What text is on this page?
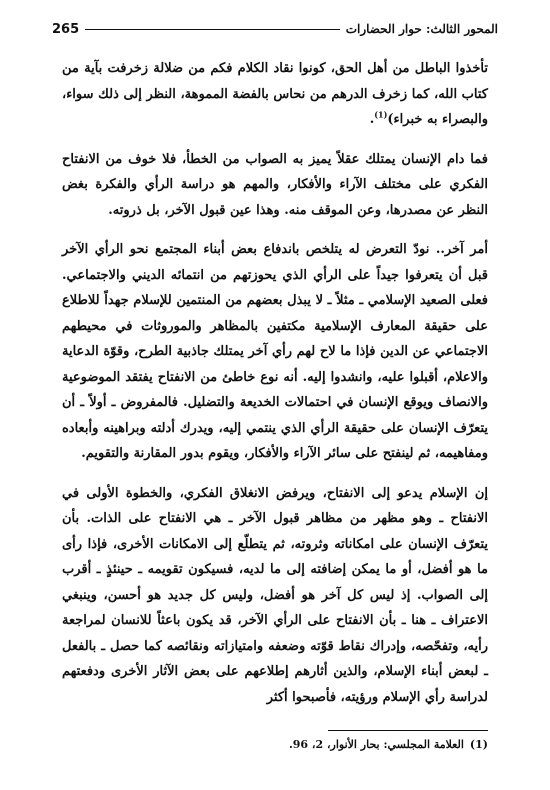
المحور الثالث: حوار الحضارات
265

تأخذوا الباطل من أهل الحق، كونوا نقاد الكلام فكم من ضلالة زخرفت بآية من كتاب الله، كما زخرف الدرهم من نحاس بالفضة المموهة، النظر إلى ذلك سواء، والبصراء به خبراء)$^{(1)}$.

فما دام الإنسان يمتلك عقلاً يميز به الصواب من الخطأ، فلا خوف من الانفتاح الفكري على مختلف الآراء والأفكار، والمهم هو دراسة الرأي والفكرة بغض النظر عن مصدرها، وعن الموقف منه. وهذا عين قبول الآخر، بل ذروته.

أمر آخر.. نودّ التعرض له يتلخص باندفاع بعض أبناء المجتمع نحو الرأي الآخر قبل أن يتعرفوا جيداً على الرأي الذي يحوزتهم من انتمائه الديني والاجتماعي. فعلى الصعيد الإسلامي ـ مثلاً ـ لا يبذل بعضهم من المنتمين للإسلام جهداً للاطلاع على حقيقة المعارف الإسلامية مكتفين بالمظاهر والموروثات في محيطهم الاجتماعي عن الدين فإذا ما لاح لهم رأي آخر يمتلك جاذبية الطرح، وقوّة الدعاية والاعلام، أقبلوا عليه، وانشدوا إليه. أنه نوع خاطئ من الانفتاح يفتقد الموضوعية والانصاف ويوقع الإنسان في احتمالات الخديعة والتضليل. فالمفروض ـ أولاً ـ أن يتعرّف الإنسان على حقيقة الرأي الذي ينتمي إليه، ويدرك أدلته وبراهينه وأبعاده ومفاهيمه، ثم لينفتح على سائر الآراء والأفكار، ويقوم بدور المقارنة والتقويم.

إن الإسلام يدعو إلى الانفتاح، ويرفض الانغلاق الفكري، والخطوة الأولى في الانفتاح ـ وهو مظهر من مظاهر قبول الآخر ـ هي الانفتاح على الذات. بأن يتعرّف الإنسان على امكاناته وثروته، ثم يتطلّع إلى الامكانات الأخرى، فإذا رأى ما هو أفضل، أو ما يمكن إضافته إلى ما لديه، فسيكون تقويمه ـ حينئذٍ ـ أقرب إلى الصواب. إذ ليس كل آخر هو أفضل، وليس كل جديد هو أحسن، وينبغي الاعتراف ـ هنا ـ بأن الانفتاح على الرأي الآخر، قد يكون باعثاً للانسان لمراجعة رأيه، وتفحّصه، وإدراك نقاط قوّته وضعفه وامتيازاته ونقائصه كما حصل ـ بالفعل ـ لبعض أبناء الإسلام، والذين أثارهم إطلاعهم على بعض الآثار الأخرى ودفعتهم لدراسة رأي الإسلام ورؤيته، فأصبحوا أكثر

(1)العلامة المجلسي: بحار الأنوار، 2، 96.
